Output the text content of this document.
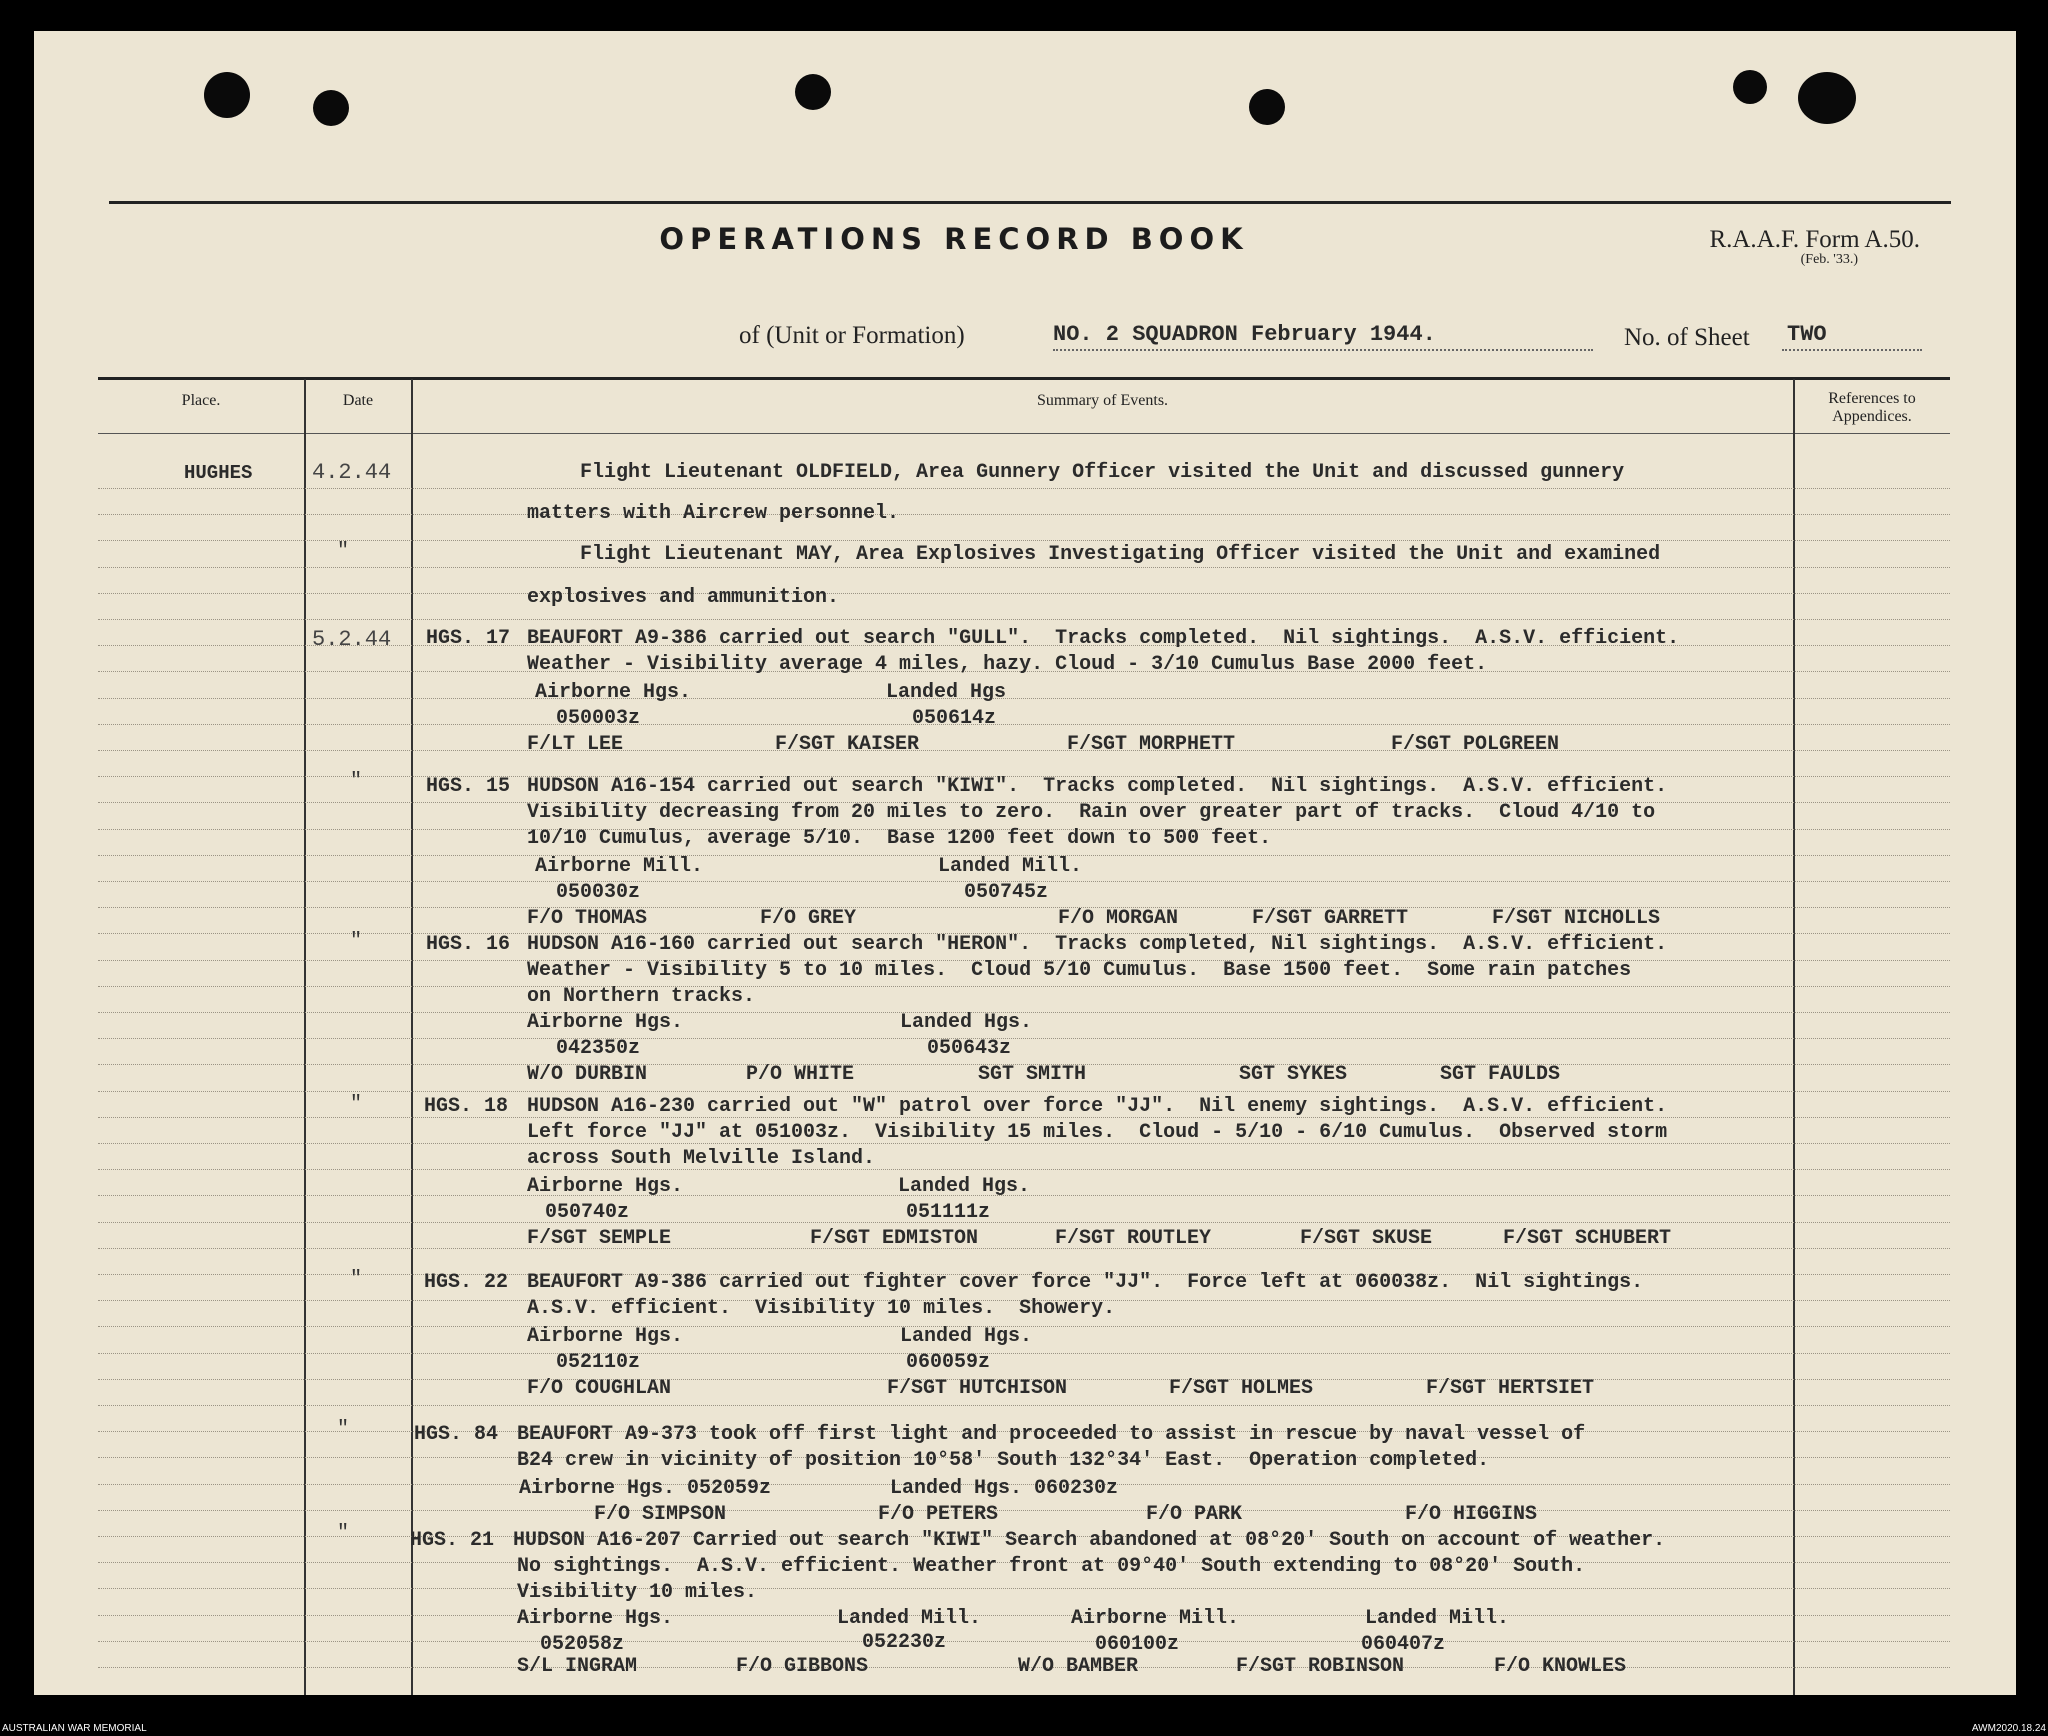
OPERATIONS RECORD BOOK	R.A.A.F. Form A.50.
(Feb. '33.)
of (Unit or Formation)	NO. 2 SQUADRON February 1944.	No. of Sheet TWO
Place.	Date	Summary of Events.	References to
Appendices.
HUGHES	4.2.44	Flight Lieutenant OLDFIELD, Area Gunnery Officer visited the Unit and discussed gunnery
matters with Aircrew personnel.
"	Flight Lieutenant MAY, Area Explosives Investigating Officer visited the Unit and examined
explosives and ammunition.
5.2.44 HGS. 17 BEAUFORT A9-386 carried out search "GULL".  Tracks completed.  Nil sightings.  A.S.V. efficient.
Weather - Visibility average 4 miles, hazy. Cloud - 3/10 Cumulus Base 2000 feet.
Airborne Hgs.	Landed Hgs
050003z	050614z
F/LT LEE	F/SGT KAISER	F/SGT MORPHETT	F/SGT POLGREEN
"	HGS. 15 HUDSON A16-154 carried out search "KIWI".  Tracks completed.  Nil sightings.  A.S.V. efficient.
Visibility decreasing from 20 miles to zero.  Rain over greater part of tracks.  Cloud 4/10 to
10/10 Cumulus, average 5/10.  Base 1200 feet down to 500 feet.
Airborne Mill.	Landed Mill.
050030z	050745z
F/O THOMAS	F/O GREY	F/O MORGAN	F/SGT GARRETT	F/SGT NICHOLLS
"	HGS. 16 HUDSON A16-160 carried out search "HERON".  Tracks completed, Nil sightings.  A.S.V. efficient.
Weather - Visibility 5 to 10 miles.  Cloud 5/10 Cumulus.  Base 1500 feet.  Some rain patches
on Northern tracks.
Airborne Hgs.	Landed Hgs.
042350z	050643z
W/O DURBIN	P/O WHITE	SGT SMITH	SGT SYKES	SGT FAULDS
"	HGS. 18 HUDSON A16-230 carried out "W" patrol over force "JJ".  Nil enemy sightings.  A.S.V. efficient.
Left force "JJ" at 051003z.  Visibility 15 miles.  Cloud - 5/10 - 6/10 Cumulus.  Observed storm
across South Melville Island.
Airborne Hgs.	Landed Hgs.
050740z	051111z
F/SGT SEMPLE	F/SGT EDMISTON	F/SGT ROUTLEY	F/SGT SKUSE	F/SGT SCHUBERT
"	HGS. 22 BEAUFORT A9-386 carried out fighter cover force "JJ".  Force left at 060038z.  Nil sightings.
A.S.V. efficient.  Visibility 10 miles.  Showery.
Airborne Hgs.	Landed Hgs.
052110z	060059z
F/O COUGHLAN	F/SGT HUTCHISON	F/SGT HOLMES	F/SGT HERTSIET
"	HGS. 84 BEAUFORT A9-373 took off first light and proceeded to assist in rescue by naval vessel of
B24 crew in vicinity of position 10°58' South 132°34' East.  Operation completed.
Airborne Hgs. 052059z	Landed Hgs. 060230z
F/O SIMPSON	F/O PETERS	F/O PARK	F/O HIGGINS
"	HGS. 21 HUDSON A16-207 Carried out search "KIWI" Search abandoned at 08°20' South on account of weather.
No sightings.  A.S.V. efficient. Weather front at 09°40' South extending to 08°20' South.
Visibility 10 miles.
Airborne Hgs.	Landed Mill.	Airborne Mill.	Landed Mill.
052058z	052230z	060100z	060407z
S/L INGRAM	F/O GIBBONS	W/O BAMBER	F/SGT ROBINSON	F/O KNOWLES
AUSTRALIAN WAR MEMORIAL	AWM2020.18.24
